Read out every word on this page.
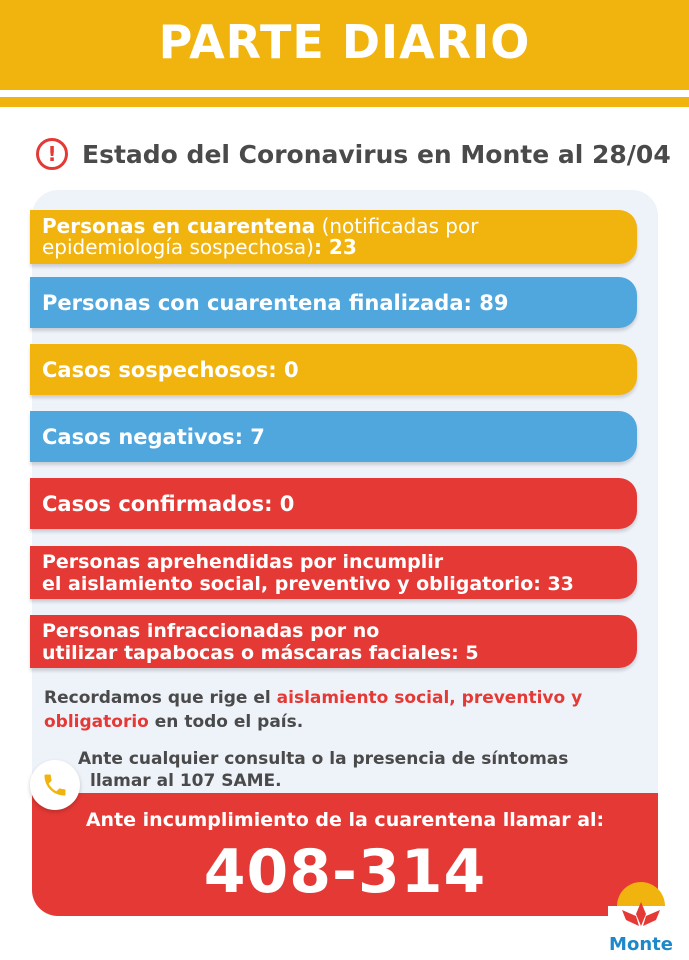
PARTE DIARIO
!	Estado del Coronavirus en Monte al 28/04
Personas en cuarentena (notificadas por epidemiología sospechosa): 23
Personas con cuarentena finalizada: 89
Casos sospechosos: 0
Casos negativos: 7
Casos confirmados: 0
Personas aprehendidas por incumplir
el aislamiento social, preventivo y obligatorio: 33
Personas infraccionadas por no
utilizar tapabocas o máscaras faciales: 5
Recordamos que rige el aislamiento social, preventivo y obligatorio en todo el país.
Ante cualquier consulta o la presencia de síntomas
llamar al 107 SAME.
Ante incumplimiento de la cuarentena llamar al:
408-314
Monte
